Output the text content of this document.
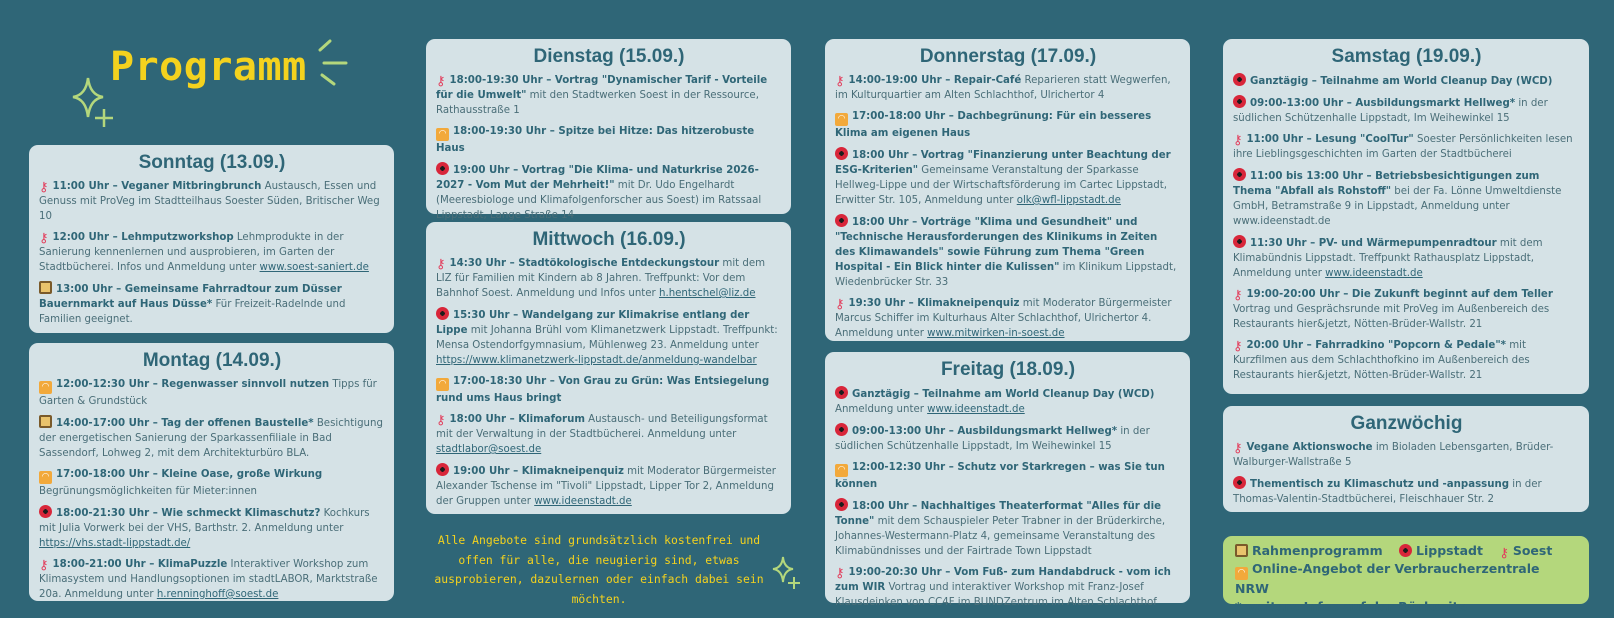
Programm
Sonntag (13.09.)
⚷ 11:00 Uhr – Veganer Mitbringbrunch Austausch, Essen und Genuss mit ProVeg im Stadtteilhaus Soester Süden, Britischer Weg 10
⚷ 12:00 Uhr – Lehmputzworkshop Lehmprodukte in der Sanierung kennenlernen und ausprobieren, im Garten der Stadtbücherei. Infos und Anmeldung unter www.soest-saniert.de
13:00 Uhr – Gemeinsame Fahrradtour zum Düsser Bauernmarkt auf Haus Düsse* Für Freizeit-Radelnde und Familien geeignet.
Montag (14.09.)
◠ 12:00-12:30 Uhr – Regenwasser sinnvoll nutzen Tipps für Garten & Grundstück
14:00-17:00 Uhr – Tag der offenen Baustelle* Besichtigung der energetischen Sanierung der Sparkassenfiliale in Bad Sassendorf, Lohweg 2, mit dem Architekturbüro BLA.
◠ 17:00-18:00 Uhr – Kleine Oase, große Wirkung Begrünungsmöglichkeiten für Mieter:innen
18:00-21:30 Uhr – Wie schmeckt Klimaschutz? Kochkurs mit Julia Vorwerk bei der VHS, Barthstr. 2. Anmeldung unter https://vhs.stadt-lippstadt.de/
⚷ 18:00-21:00 Uhr – KlimaPuzzle Interaktiver Workshop zum Klimasystem und Handlungsoptionen im stadtLABOR, Marktstraße 20a. Anmeldung unter h.renninghoff@soest.de
Dienstag (15.09.)
⚷ 18:00-19:30 Uhr – Vortrag "Dynamischer Tarif - Vorteile für die Umwelt" mit den Stadtwerken Soest in der Ressource, Rathausstraße 1
◠ 18:00-19:30 Uhr – Spitze bei Hitze: Das hitzerobuste Haus
19:00 Uhr – Vortrag "Die Klima- und Naturkrise 2026-2027 - Vom Mut der Mehrheit!" mit Dr. Udo Engelhardt (Meeresbiologe und Klimafolgenforscher aus Soest) im Ratssaal Lippstadt, Lange Straße 14
Mittwoch (16.09.)
⚷ 14:30 Uhr – Stadtökologische Entdeckungstour mit dem LIZ für Familien mit Kindern ab 8 Jahren. Treffpunkt: Vor dem Bahnhof Soest. Anmeldung und Infos unter h.hentschel@liz.de
15:30 Uhr – Wandelgang zur Klimakrise entlang der Lippe mit Johanna Brühl vom Klimanetzwerk Lippstadt. Treffpunkt: Mensa Ostendorfgymnasium, Mühlenweg 23. Anmeldung unter https://www.klimanetzwerk-lippstadt.de/anmeldung-wandelbar
◠ 17:00-18:30 Uhr – Von Grau zu Grün: Was Entsiegelung rund ums Haus bringt
⚷ 18:00 Uhr – Klimaforum Austausch- und Beteiligungsformat mit der Verwaltung in der Stadtbücherei. Anmeldung unter stadtlabor@soest.de
19:00 Uhr – Klimakneipenquiz mit Moderator Bürgermeister Alexander Tschense im "Tivoli" Lippstadt, Lipper Tor 2, Anmeldung der Gruppen unter www.ideenstadt.de
Donnerstag (17.09.)
⚷ 14:00-19:00 Uhr – Repair-Café Reparieren statt Wegwerfen, im Kulturquartier am Alten Schlachthof, Ulrichertor 4
◠ 17:00-18:00 Uhr – Dachbegrünung: Für ein besseres Klima am eigenen Haus
18:00 Uhr – Vortrag "Finanzierung unter Beachtung der ESG-Kriterien" Gemeinsame Veranstaltung der Sparkasse Hellweg-Lippe und der Wirtschaftsförderung im Cartec Lippstadt, Erwitter Str. 105, Anmeldung unter olk@wfl-lippstadt.de
18:00 Uhr – Vorträge "Klima und Gesundheit" und "Technische Herausforderungen des Klinikums in Zeiten des Klimawandels" sowie Führung zum Thema "Green Hospital - Ein Blick hinter die Kulissen" im Klinikum Lippstadt, Wiedenbrücker Str. 33
⚷ 19:30 Uhr – Klimakneipenquiz mit Moderator Bürgermeister Marcus Schiffer im Kulturhaus Alter Schlachthof, Ulrichertor 4. Anmeldung unter www.mitwirken-in-soest.de
Freitag (18.09.)
Ganztägig – Teilnahme am World Cleanup Day (WCD) Anmeldung unter www.ideenstadt.de
09:00-13:00 Uhr – Ausbildungsmarkt Hellweg* in der südlichen Schützenhalle Lippstadt, Im Weihewinkel 15
◠ 12:00-12:30 Uhr – Schutz vor Starkregen – was Sie tun können
18:00 Uhr – Nachhaltiges Theaterformat "Alles für die Tonne" mit dem Schauspieler Peter Trabner in der Brüderkirche, Johannes-Westermann-Platz 4, gemeinsame Veranstaltung des Klimabündnisses und der Fairtrade Town Lippstadt
⚷ 19:00-20:30 Uhr – Vom Fuß- zum Handabdruck - vom ich zum WIR Vortrag und interaktiver Workshop mit Franz-Josef Klausdeinken von CC4F im BUNDZentrum im Alten Schlachthof
Samstag (19.09.)
Ganztägig – Teilnahme am World Cleanup Day (WCD)
09:00-13:00 Uhr – Ausbildungsmarkt Hellweg* in der südlichen Schützenhalle Lippstadt, Im Weihewinkel 15
⚷ 11:00 Uhr – Lesung "CoolTur" Soester Persönlichkeiten lesen ihre Lieblingsgeschichten im Garten der Stadtbücherei
11:00 bis 13:00 Uhr – Betriebsbesichtigungen zum Thema "Abfall als Rohstoff" bei der Fa. Lönne Umweltdienste GmbH, Betramstraße 9 in Lippstadt, Anmeldung unter www.ideenstadt.de
11:30 Uhr – PV- und Wärmepumpenradtour mit dem Klimabündnis Lippstadt. Treffpunkt Rathausplatz Lippstadt, Anmeldung unter www.ideenstadt.de
⚷ 19:00-20:00 Uhr – Die Zukunft beginnt auf dem Teller Vortrag und Gesprächsrunde mit ProVeg im Außenbereich des Restaurants hier&jetzt, Nötten-Brüder-Wallstr. 21
⚷ 20:00 Uhr – Fahrradkino "Popcorn & Pedale"* mit Kurzfilmen aus dem Schlachthofkino im Außenbereich des Restaurants hier&jetzt, Nötten-Brüder-Wallstr. 21
Ganzwöchig
⚷ Vegane Aktionswoche im Bioladen Lebensgarten, Brüder-Walburger-Wallstraße 5
Thementisch zu Klimaschutz und -anpassung in der Thomas-Valentin-Stadtbücherei, Fleischhauer Str. 2
Alle Angebote sind grundsätzlich kostenfrei und offen für alle, die neugierig sind, etwas ausprobieren, dazulernen oder einfach dabei sein möchten.
Rahmenprogramm	Lippstadt ⚷ Soest
◠ Online-Angebot der Verbraucherzentrale NRW
* weitere Infos auf der Rückseite
